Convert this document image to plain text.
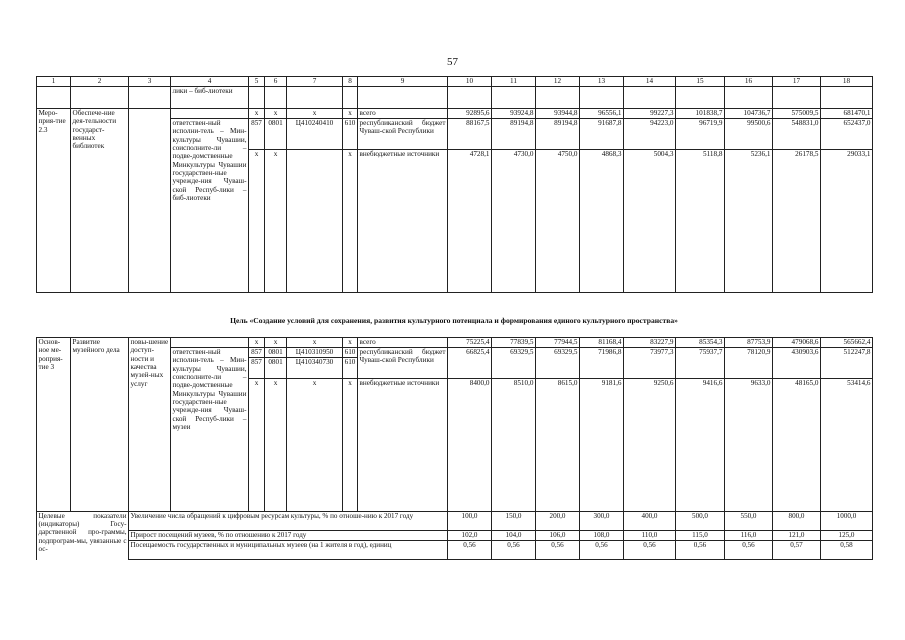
57
1	2	3	4	5	6	7	8	9	10	11	12	13	14	15	16	17	18
			лики – биб-лиотеки														
Меро-прия-тие 2.3	Обеспече-ние дея-тельности государст-венных библиотек			x	x	x	x	всего	92895,6	93924,8	93944,8	96556,1	99227,3	101838,7	104736,7	575009,5	681470,1
			ответствен-ный исполни-тель – Мин-культуры Чувашии, соисполните-ли – подве-домственные Минкультуры Чувашии государствен-ные учрежде-ния Чуваш-ской Респуб-лики – биб-лиотеки	857	0801	Ц410240410	610	республиканский бюджет Чуваш-ской Республики	88167,5	89194,8	89194,8	91687,8	94223,0	96719,9	99500,6	548831,0	652437,0
				x	x		x	внебюджетные источники	4728,1	4730,0	4750,0	4868,3	5004,3	5118,8	5236,1	26178,5	29033,1
Цель «Создание условий для сохранения, развития культурного потенциала и формирования единого культурного пространства»
Основ-ное ме-роприя-тие 3	Развитие музейного дела	повы-шение доступ-ности и качества музей-ных услуг		x	x	x	x	всего	75225,4	77839,5	77944,5	81168,4	83227,9	85354,3	87753,9	479068,6	565662,4
			ответствен-ный исполни-тель – Мин-культуры Чувашии, соисполните-ли – подве-домственные Минкультуры Чувашии государствен-ные учрежде-ния Чуваш-ской Респуб-лики – музеи	857	0801	Ц410310950	610	республиканский бюджет Чуваш-ской Республики	66825,4	69329,5	69329,5	71986,8	73977,3	75937,7	78120,9	430903,6	512247,8
				857	0801	Ц410340730	610										
				x	x	x	x	внебюджетные источники	8400,0	8510,0	8615,0	9181,6	9250,6	9416,6	9633,0	48165,0	53414,6
Целевые показатели (индикаторы) Госу-дарственной про-граммы, подпрограм-мы, увязанные с ос-		Увеличение числа обращений к цифровым ресурсам культуры, % по отноше-нию к 2017 году							100,0	150,0	200,0	300,0	400,0	500,0	550,0	800,0	1000,0
		Прирост посещений музеев, % по отношению к 2017 году							102,0	104,0	106,0	108,0	110,0	115,0	116,0	121,0	125,0
		Посещаемость государственных и муниципальных музеев (на 1 жителя в год), единиц							0,56	0,56	0,56	0,56	0,56	0,56	0,56	0,57	0,58
